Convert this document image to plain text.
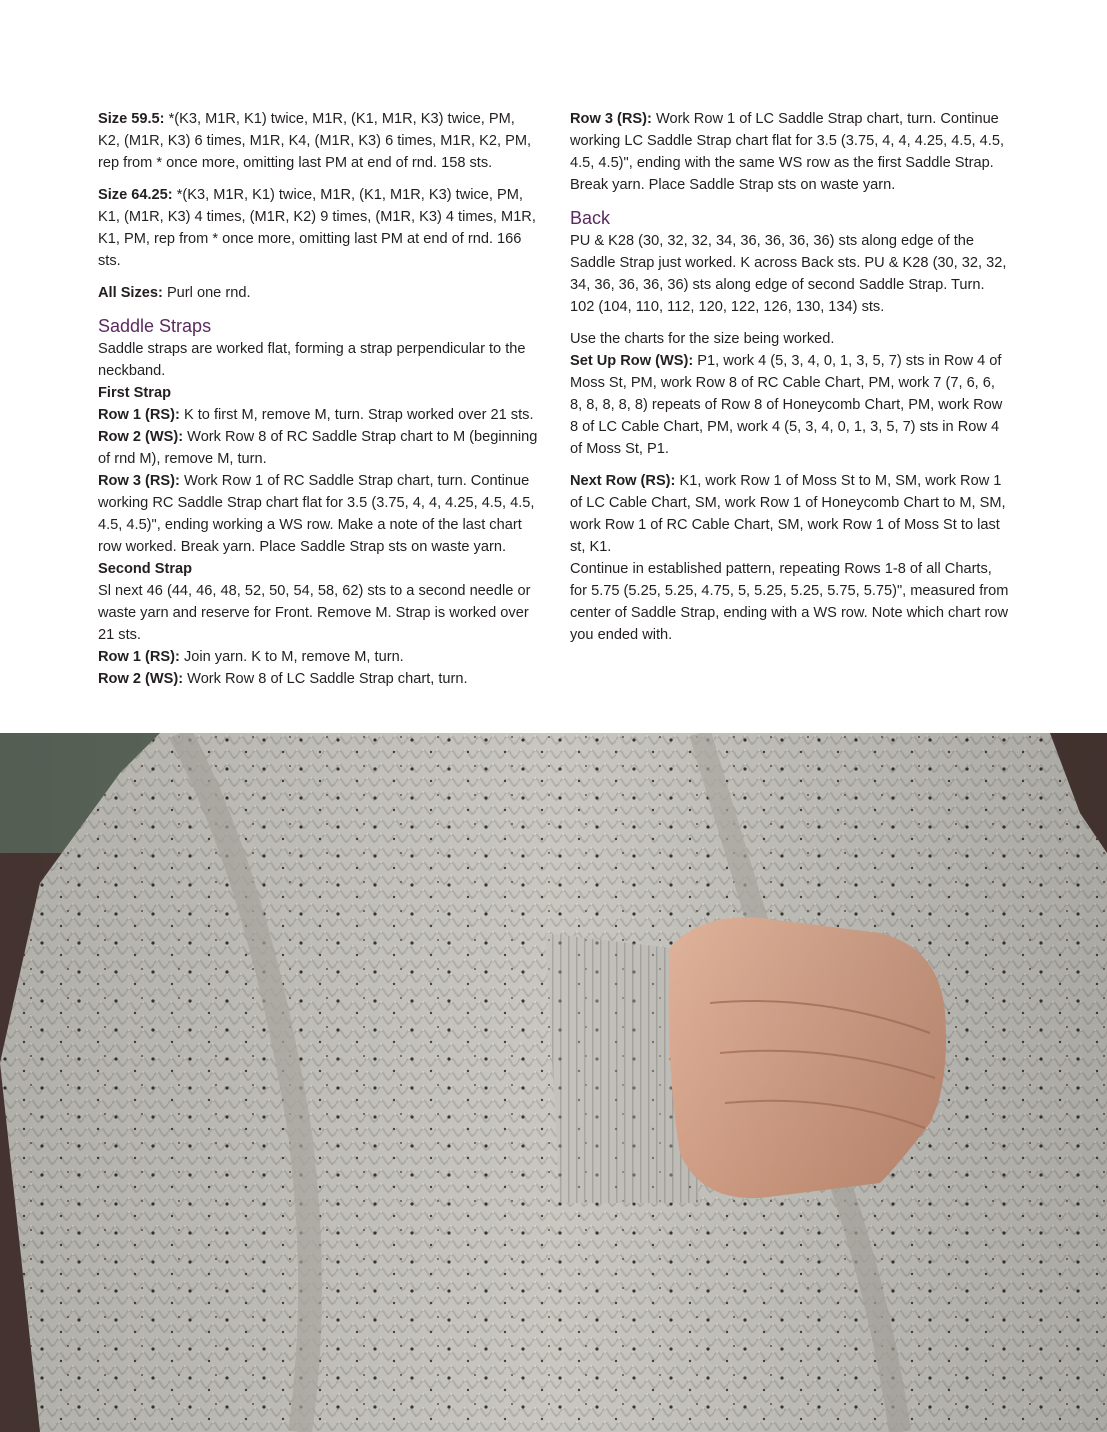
Size 59.5: *(K3, M1R, K1) twice, M1R, (K1, M1R, K3) twice, PM, K2, (M1R, K3) 6 times, M1R, K4, (M1R, K3) 6 times, M1R, K2, PM, rep from * once more, omitting last PM at end of rnd. 158 sts.

Size 64.25: *(K3, M1R, K1) twice, M1R, (K1, M1R, K3) twice, PM, K1, (M1R, K3) 4 times, (M1R, K2) 9 times, (M1R, K3) 4 times, M1R, K1, PM, rep from * once more, omitting last PM at end of rnd. 166 sts.

All Sizes: Purl one rnd.

Saddle Straps

Saddle straps are worked flat, forming a strap perpendicular to the neckband.

First Strap

Row 1 (RS): K to first M, remove M, turn. Strap worked over 21 sts.

Row 2 (WS): Work Row 8 of RC Saddle Strap chart to M (beginning of rnd M), remove M, turn.

Row 3 (RS): Work Row 1 of RC Saddle Strap chart, turn. Continue working RC Saddle Strap chart flat for 3.5 (3.75, 4, 4, 4.25, 4.5, 4.5, 4.5, 4.5)", ending working a WS row. Make a note of the last chart row worked. Break yarn. Place Saddle Strap sts on waste yarn.

Second Strap

Sl next 46 (44, 46, 48, 52, 50, 54, 58, 62) sts to a second needle or waste yarn and reserve for Front. Remove M. Strap is worked over 21 sts.

Row 1 (RS): Join yarn. K to M, remove M, turn.

Row 2 (WS): Work Row 8 of LC Saddle Strap chart, turn.

Row 3 (RS): Work Row 1 of LC Saddle Strap chart, turn. Continue working LC Saddle Strap chart flat for 3.5 (3.75, 4, 4, 4.25, 4.5, 4.5, 4.5, 4.5)", ending with the same WS row as the first Saddle Strap. Break yarn. Place Saddle Strap sts on waste yarn.

Back

PU & K28 (30, 32, 32, 34, 36, 36, 36, 36) sts along edge of the Saddle Strap just worked. K across Back sts. PU & K28 (30, 32, 32, 34, 36, 36, 36, 36) sts along edge of second Saddle Strap. Turn.

102 (104, 110, 112, 120, 122, 126, 130, 134) sts.

Use the charts for the size being worked.

Set Up Row (WS): P1, work 4 (5, 3, 4, 0, 1, 3, 5, 7) sts in Row 4 of Moss St, PM, work Row 8 of RC Cable Chart, PM, work 7 (7, 6, 6, 8, 8, 8, 8, 8) repeats of Row 8 of Honeycomb Chart, PM, work Row 8 of LC Cable Chart, PM, work 4 (5, 3, 4, 0, 1, 3, 5, 7) sts in Row 4 of Moss St, P1.

Next Row (RS): K1, work Row 1 of Moss St to M, SM, work Row 1 of LC Cable Chart, SM, work Row 1 of Honeycomb Chart to M, SM, work Row 1 of RC Cable Chart, SM, work Row 1 of Moss St to last st, K1.

Continue in established pattern, repeating Rows 1-8 of all Charts, for 5.75 (5.25, 5.25, 4.75, 5, 5.25, 5.25, 5.75, 5.75)", measured from center of Saddle Strap, ending with a WS row. Note which chart row you ended with.
